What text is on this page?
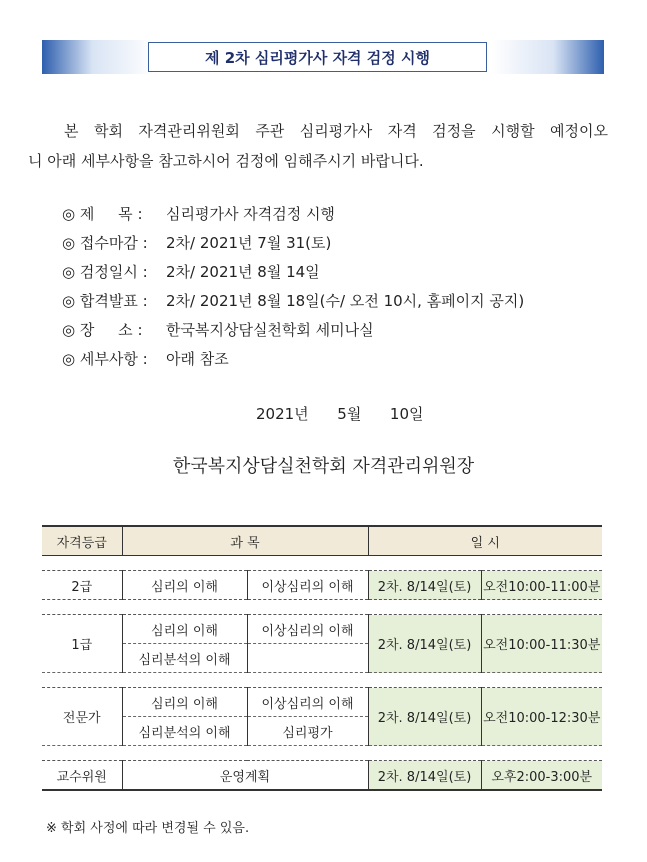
제 2차 심리평가사 자격 검정 시행
본 학회 자격관리위원회 주관 심리평가사 자격 검정을 시행할 예정이오
니 아래 세부사항을 참고하시어 검정에 임해주시기 바랍니다.
◎ 제     목 : 심리평가사 자격검정 시행
◎ 접수마감 : 2차/ 2021년 7월 31(토)
◎ 검정일시 : 2차/ 2021년 8월 14일
◎ 합격발표 : 2차/ 2021년 8월 18일(수/ 오전 10시, 홈페이지 공지)
◎ 장     소 : 한국복지상담실천학회 세미나실
◎ 세부사항 : 아래 참조
2021년      5월      10일
한국복지상담실천학회 자격관리위원장
자격등급	과 목		일 시	

2급	심리의 이해	이상심리의 이해	2차. 8/14일(토)	오전10:00-11:00분

1급	심리의 이해	이상심리의 이해	2차. 8/14일(토)	오전10:00-11:30분
	심리분석의 이해			

전문가	심리의 이해	이상심리의 이해	2차. 8/14일(토)	오전10:00-12:30분
	심리분석의 이해	심리평가		

교수위원	운영계획		2차. 8/14일(토)	오후2:00-3:00분
※ 학회 사정에 따라 변경될 수 있음.
